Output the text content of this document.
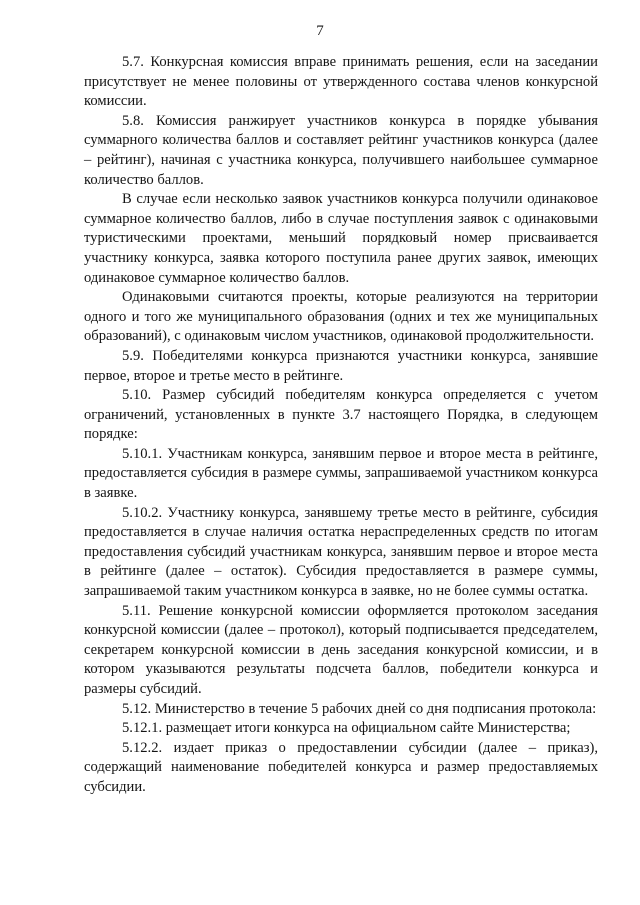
7

5.7. Конкурсная комиссия вправе принимать решения, если на заседании присутствует не менее половины от утвержденного состава членов конкурсной комиссии.

5.8. Комиссия ранжирует участников конкурса в порядке убывания суммарного количества баллов и составляет рейтинг участников конкурса (далее – рейтинг), начиная с участника конкурса, получившего наибольшее суммарное количество баллов.

В случае если несколько заявок участников конкурса получили одинаковое суммарное количество баллов, либо в случае поступления заявок с одинаковыми туристическими проектами, меньший порядковый номер присваивается участнику конкурса, заявка которого поступила ранее других заявок, имеющих одинаковое суммарное количество баллов.

Одинаковыми считаются проекты, которые реализуются на территории одного и того же муниципального образования (одних и тех же муниципальных образований), с одинаковым числом участников, одинаковой продолжительности.

5.9. Победителями конкурса признаются участники конкурса, занявшие первое, второе и третье место в рейтинге.

5.10. Размер субсидий победителям конкурса определяется с учетом ограничений, установленных в пункте 3.7 настоящего Порядка, в следующем порядке:

5.10.1. Участникам конкурса, занявшим первое и второе места в рейтинге, предоставляется субсидия в размере суммы, запрашиваемой участником конкурса в заявке.

5.10.2. Участнику конкурса, занявшему третье место в рейтинге, субсидия предоставляется в случае наличия остатка нераспределенных средств по итогам предоставления субсидий участникам конкурса, занявшим первое и второе места в рейтинге (далее – остаток). Субсидия предоставляется в размере суммы, запрашиваемой таким участником конкурса в заявке, но не более суммы остатка.

5.11. Решение конкурсной комиссии оформляется протоколом заседания конкурсной комиссии (далее – протокол), который подписывается председателем, секретарем конкурсной комиссии в день заседания конкурсной комиссии, и в котором указываются результаты подсчета баллов, победители конкурса и размеры субсидий.

5.12. Министерство в течение 5 рабочих дней со дня подписания протокола:

5.12.1. размещает итоги конкурса на официальном сайте Министерства;

5.12.2. издает приказ о предоставлении субсидии (далее – приказ), содержащий наименование победителей конкурса и размер предоставляемых субсидии.
